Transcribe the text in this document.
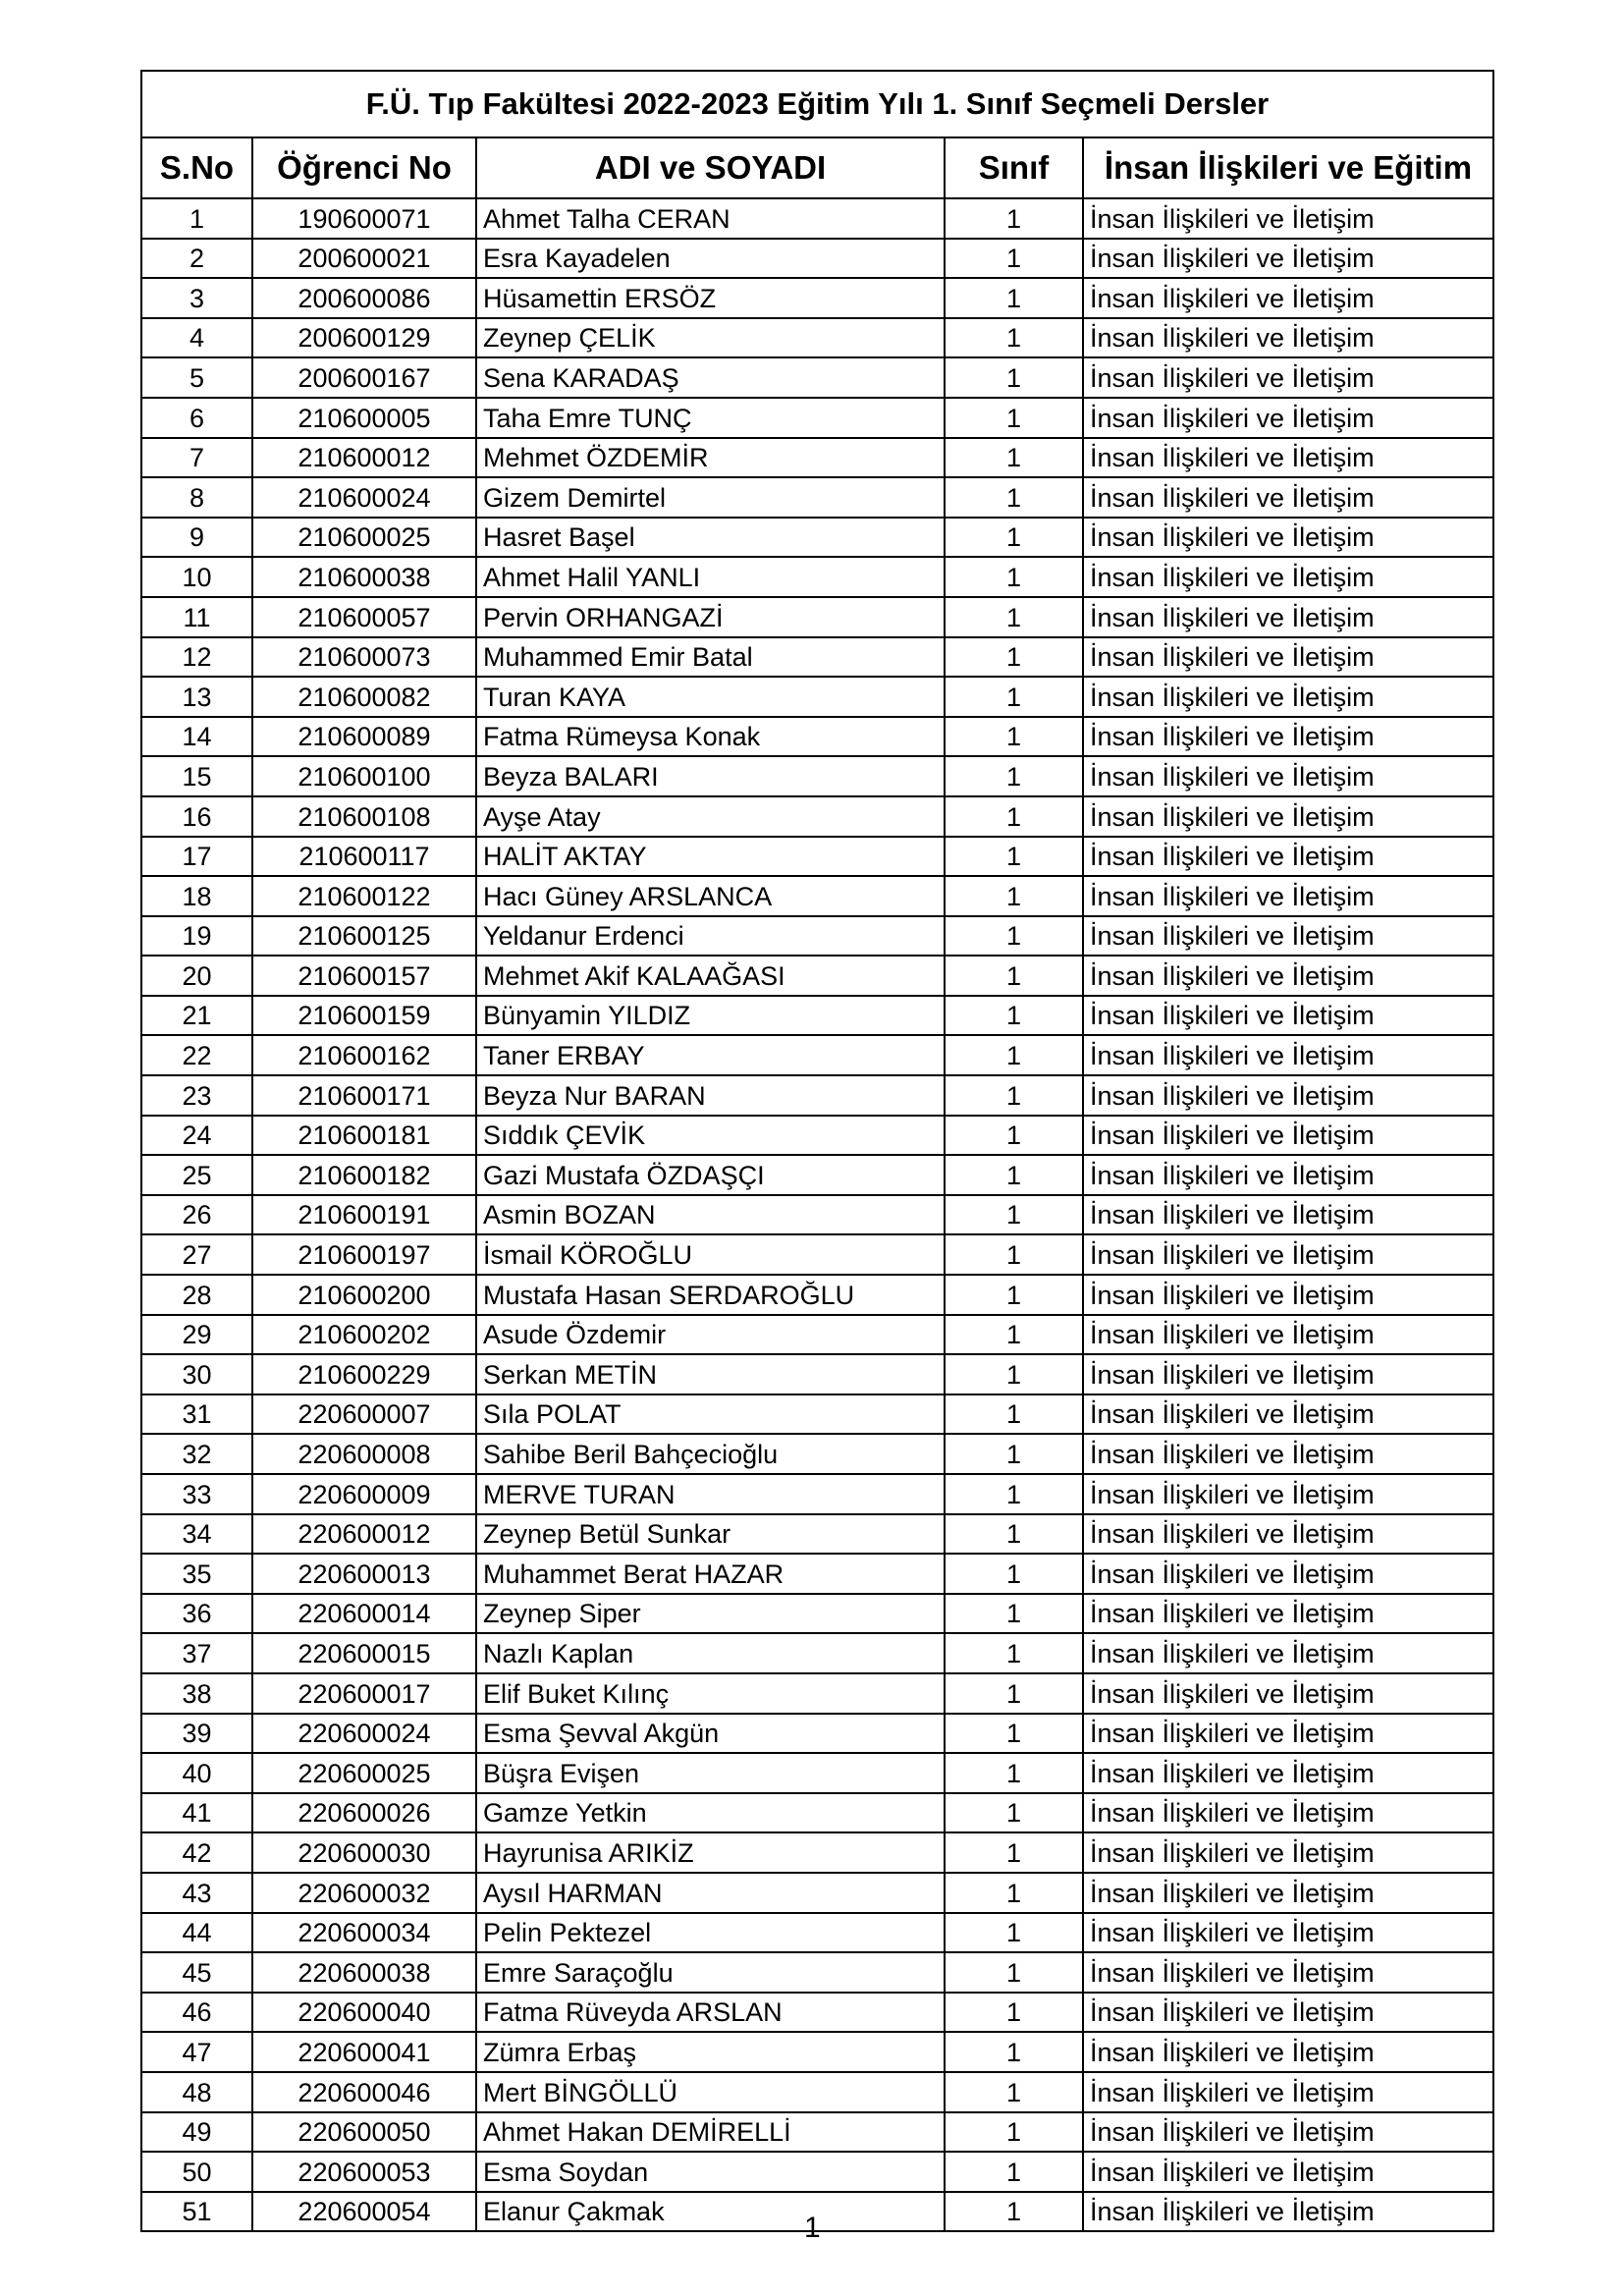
F.Ü. Tıp Fakültesi 2022-2023 Eğitim Yılı 1. Sınıf Seçmeli Dersler				
S.No	Öğrenci No	ADI ve SOYADI	Sınıf	İnsan İlişkileri ve Eğitim
1	190600071	Ahmet Talha CERAN	1	İnsan İlişkileri ve İletişim
2	200600021	Esra Kayadelen	1	İnsan İlişkileri ve İletişim
3	200600086	Hüsamettin ERSÖZ	1	İnsan İlişkileri ve İletişim
4	200600129	Zeynep ÇELİK	1	İnsan İlişkileri ve İletişim
5	200600167	Sena KARADAŞ	1	İnsan İlişkileri ve İletişim
6	210600005	Taha Emre TUNÇ	1	İnsan İlişkileri ve İletişim
7	210600012	Mehmet ÖZDEMİR	1	İnsan İlişkileri ve İletişim
8	210600024	Gizem Demirtel	1	İnsan İlişkileri ve İletişim
9	210600025	Hasret Başel	1	İnsan İlişkileri ve İletişim
10	210600038	Ahmet Halil YANLI	1	İnsan İlişkileri ve İletişim
11	210600057	Pervin ORHANGAZİ	1	İnsan İlişkileri ve İletişim
12	210600073	Muhammed Emir Batal	1	İnsan İlişkileri ve İletişim
13	210600082	Turan KAYA	1	İnsan İlişkileri ve İletişim
14	210600089	Fatma Rümeysa Konak	1	İnsan İlişkileri ve İletişim
15	210600100	Beyza BALARI	1	İnsan İlişkileri ve İletişim
16	210600108	Ayşe Atay	1	İnsan İlişkileri ve İletişim
17	210600117	HALİT AKTAY	1	İnsan İlişkileri ve İletişim
18	210600122	Hacı Güney ARSLANCA	1	İnsan İlişkileri ve İletişim
19	210600125	Yeldanur Erdenci	1	İnsan İlişkileri ve İletişim
20	210600157	Mehmet Akif KALAAĞASI	1	İnsan İlişkileri ve İletişim
21	210600159	Bünyamin YILDIZ	1	İnsan İlişkileri ve İletişim
22	210600162	Taner ERBAY	1	İnsan İlişkileri ve İletişim
23	210600171	Beyza Nur BARAN	1	İnsan İlişkileri ve İletişim
24	210600181	Sıddık ÇEVİK	1	İnsan İlişkileri ve İletişim
25	210600182	Gazi Mustafa ÖZDAŞÇI	1	İnsan İlişkileri ve İletişim
26	210600191	Asmin BOZAN	1	İnsan İlişkileri ve İletişim
27	210600197	İsmail KÖROĞLU	1	İnsan İlişkileri ve İletişim
28	210600200	Mustafa Hasan SERDAROĞLU	1	İnsan İlişkileri ve İletişim
29	210600202	Asude Özdemir	1	İnsan İlişkileri ve İletişim
30	210600229	Serkan METİN	1	İnsan İlişkileri ve İletişim
31	220600007	Sıla POLAT	1	İnsan İlişkileri ve İletişim
32	220600008	Sahibe Beril Bahçecioğlu	1	İnsan İlişkileri ve İletişim
33	220600009	MERVE TURAN	1	İnsan İlişkileri ve İletişim
34	220600012	Zeynep Betül Sunkar	1	İnsan İlişkileri ve İletişim
35	220600013	Muhammet Berat HAZAR	1	İnsan İlişkileri ve İletişim
36	220600014	Zeynep Siper	1	İnsan İlişkileri ve İletişim
37	220600015	Nazlı Kaplan	1	İnsan İlişkileri ve İletişim
38	220600017	Elif Buket Kılınç	1	İnsan İlişkileri ve İletişim
39	220600024	Esma Şevval Akgün	1	İnsan İlişkileri ve İletişim
40	220600025	Büşra Evişen	1	İnsan İlişkileri ve İletişim
41	220600026	Gamze Yetkin	1	İnsan İlişkileri ve İletişim
42	220600030	Hayrunisa ARIKİZ	1	İnsan İlişkileri ve İletişim
43	220600032	Aysıl HARMAN	1	İnsan İlişkileri ve İletişim
44	220600034	Pelin Pektezel	1	İnsan İlişkileri ve İletişim
45	220600038	Emre Saraçoğlu	1	İnsan İlişkileri ve İletişim
46	220600040	Fatma Rüveyda ARSLAN	1	İnsan İlişkileri ve İletişim
47	220600041	Zümra Erbaş	1	İnsan İlişkileri ve İletişim
48	220600046	Mert BİNGÖLLÜ	1	İnsan İlişkileri ve İletişim
49	220600050	Ahmet Hakan DEMİRELLİ	1	İnsan İlişkileri ve İletişim
50	220600053	Esma Soydan	1	İnsan İlişkileri ve İletişim
51	220600054	Elanur Çakmak	1	İnsan İlişkileri ve İletişim
1
